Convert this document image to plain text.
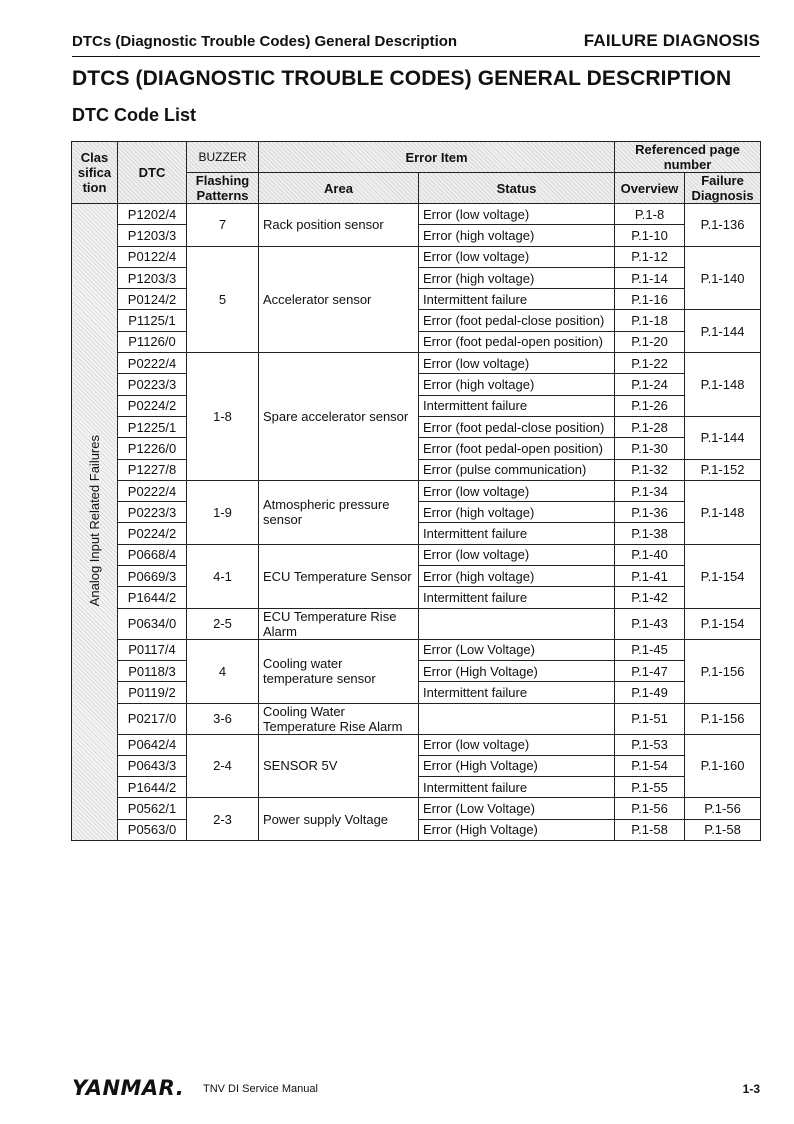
DTCs (Diagnostic Trouble Codes) General Description	FAILURE DIAGNOSIS
DTCS (DIAGNOSTIC TROUBLE CODES) GENERAL DESCRIPTION
DTC Code List
Clas sifica tion	DTC	BUZZER	Error Item		Referenced page number	
		Flashing Patterns	Area	Status	Overview	Failure Diagnosis
Analog Input Related Failures	P1202/4	7	Rack position sensor	Error (low voltage)	P.1-8	P.1-136
	P1203/3			Error (high voltage)	P.1-10	
	P0122/4	5	Accelerator sensor	Error (low voltage)	P.1-12	P.1-140
	P1203/3			Error (high voltage)	P.1-14	
	P0124/2			Intermittent failure	P.1-16	
	P1125/1			Error (foot pedal-close position)	P.1-18	P.1-144
	P1126/0			Error (foot pedal-open position)	P.1-20	
	P0222/4	1-8	Spare accelerator sensor	Error (low voltage)	P.1-22	P.1-148
	P0223/3			Error (high voltage)	P.1-24	
	P0224/2			Intermittent failure	P.1-26	
	P1225/1			Error (foot pedal-close position)	P.1-28	P.1-144
	P1226/0			Error (foot pedal-open position)	P.1-30	
	P1227/8			Error (pulse communication)	P.1-32	P.1-152
	P0222/4	1-9	Atmospheric pressure sensor	Error (low voltage)	P.1-34	P.1-148
	P0223/3			Error (high voltage)	P.1-36	
	P0224/2			Intermittent failure	P.1-38	
	P0668/4	4-1	ECU Temperature Sensor	Error (low voltage)	P.1-40	P.1-154
	P0669/3			Error (high voltage)	P.1-41	
	P1644/2			Intermittent failure	P.1-42	
	P0634/0	2-5	ECU Temperature Rise Alarm		P.1-43	P.1-154
	P0117/4	4	Cooling water temperature sensor	Error (Low Voltage)	P.1-45	P.1-156
	P0118/3			Error (High Voltage)	P.1-47	
	P0119/2			Intermittent failure	P.1-49	
	P0217/0	3-6	Cooling Water Temperature Rise Alarm		P.1-51	P.1-156
	P0642/4	2-4	SENSOR 5V	Error (low voltage)	P.1-53	P.1-160
	P0643/3			Error (High Voltage)	P.1-54	
	P1644/2			Intermittent failure	P.1-55	
	P0562/1	2-3	Power supply Voltage	Error (Low Voltage)	P.1-56	P.1-56
	P0563/0			Error (High Voltage)	P.1-58	P.1-58
YANMAR. TNV DI Service Manual	1-3
